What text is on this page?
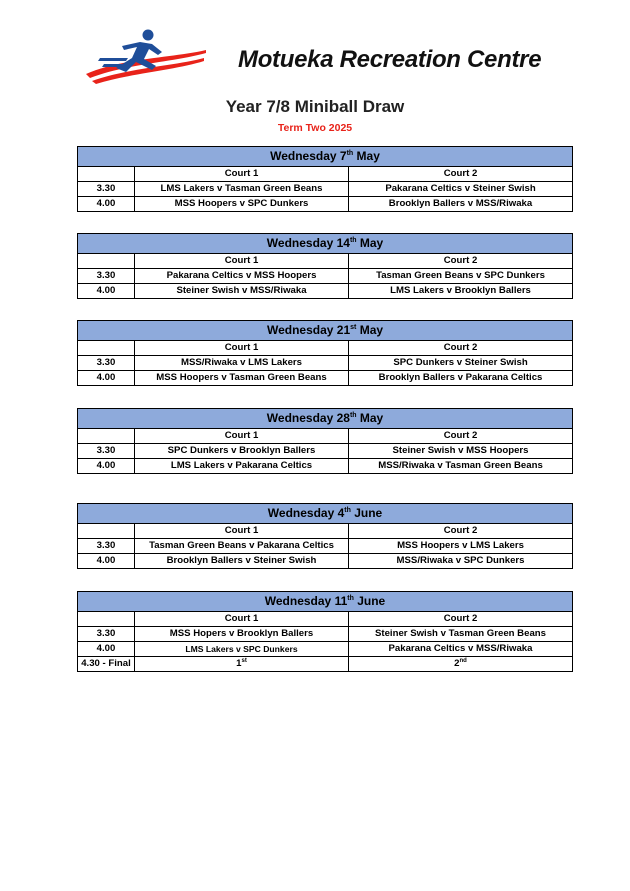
Motueka Recreation Centre
Year 7/8 Miniball Draw
Term Two 2025
Wednesday 7th May		
	Court 1	Court 2
3.30	LMS Lakers v Tasman Green Beans	Pakarana Celtics v Steiner Swish
4.00	MSS Hoopers v SPC Dunkers	Brooklyn Ballers v MSS/Riwaka
Wednesday 14th May		
	Court 1	Court 2
3.30	Pakarana Celtics v MSS Hoopers	Tasman Green Beans v SPC Dunkers
4.00	Steiner Swish v MSS/Riwaka	LMS Lakers v Brooklyn Ballers
Wednesday 21st May		
	Court 1	Court 2
3.30	MSS/Riwaka v LMS Lakers	SPC Dunkers v Steiner Swish
4.00	MSS Hoopers v Tasman Green Beans	Brooklyn Ballers v Pakarana Celtics
Wednesday 28th May		
	Court 1	Court 2
3.30	SPC Dunkers v Brooklyn Ballers	Steiner Swish v MSS Hoopers
4.00	LMS Lakers v Pakarana Celtics	MSS/Riwaka v Tasman Green Beans
Wednesday 4th June		
	Court 1	Court 2
3.30	Tasman Green Beans v Pakarana Celtics	MSS Hoopers v LMS Lakers
4.00	Brooklyn Ballers v Steiner Swish	MSS/Riwaka v SPC Dunkers
Wednesday 11th June		
	Court 1	Court 2
3.30	MSS Hopers v Brooklyn Ballers	Steiner Swish v Tasman Green Beans
4.00	LMS Lakers v SPC Dunkers	Pakarana Celtics v MSS/Riwaka
4.30 - Final	1st	2nd
